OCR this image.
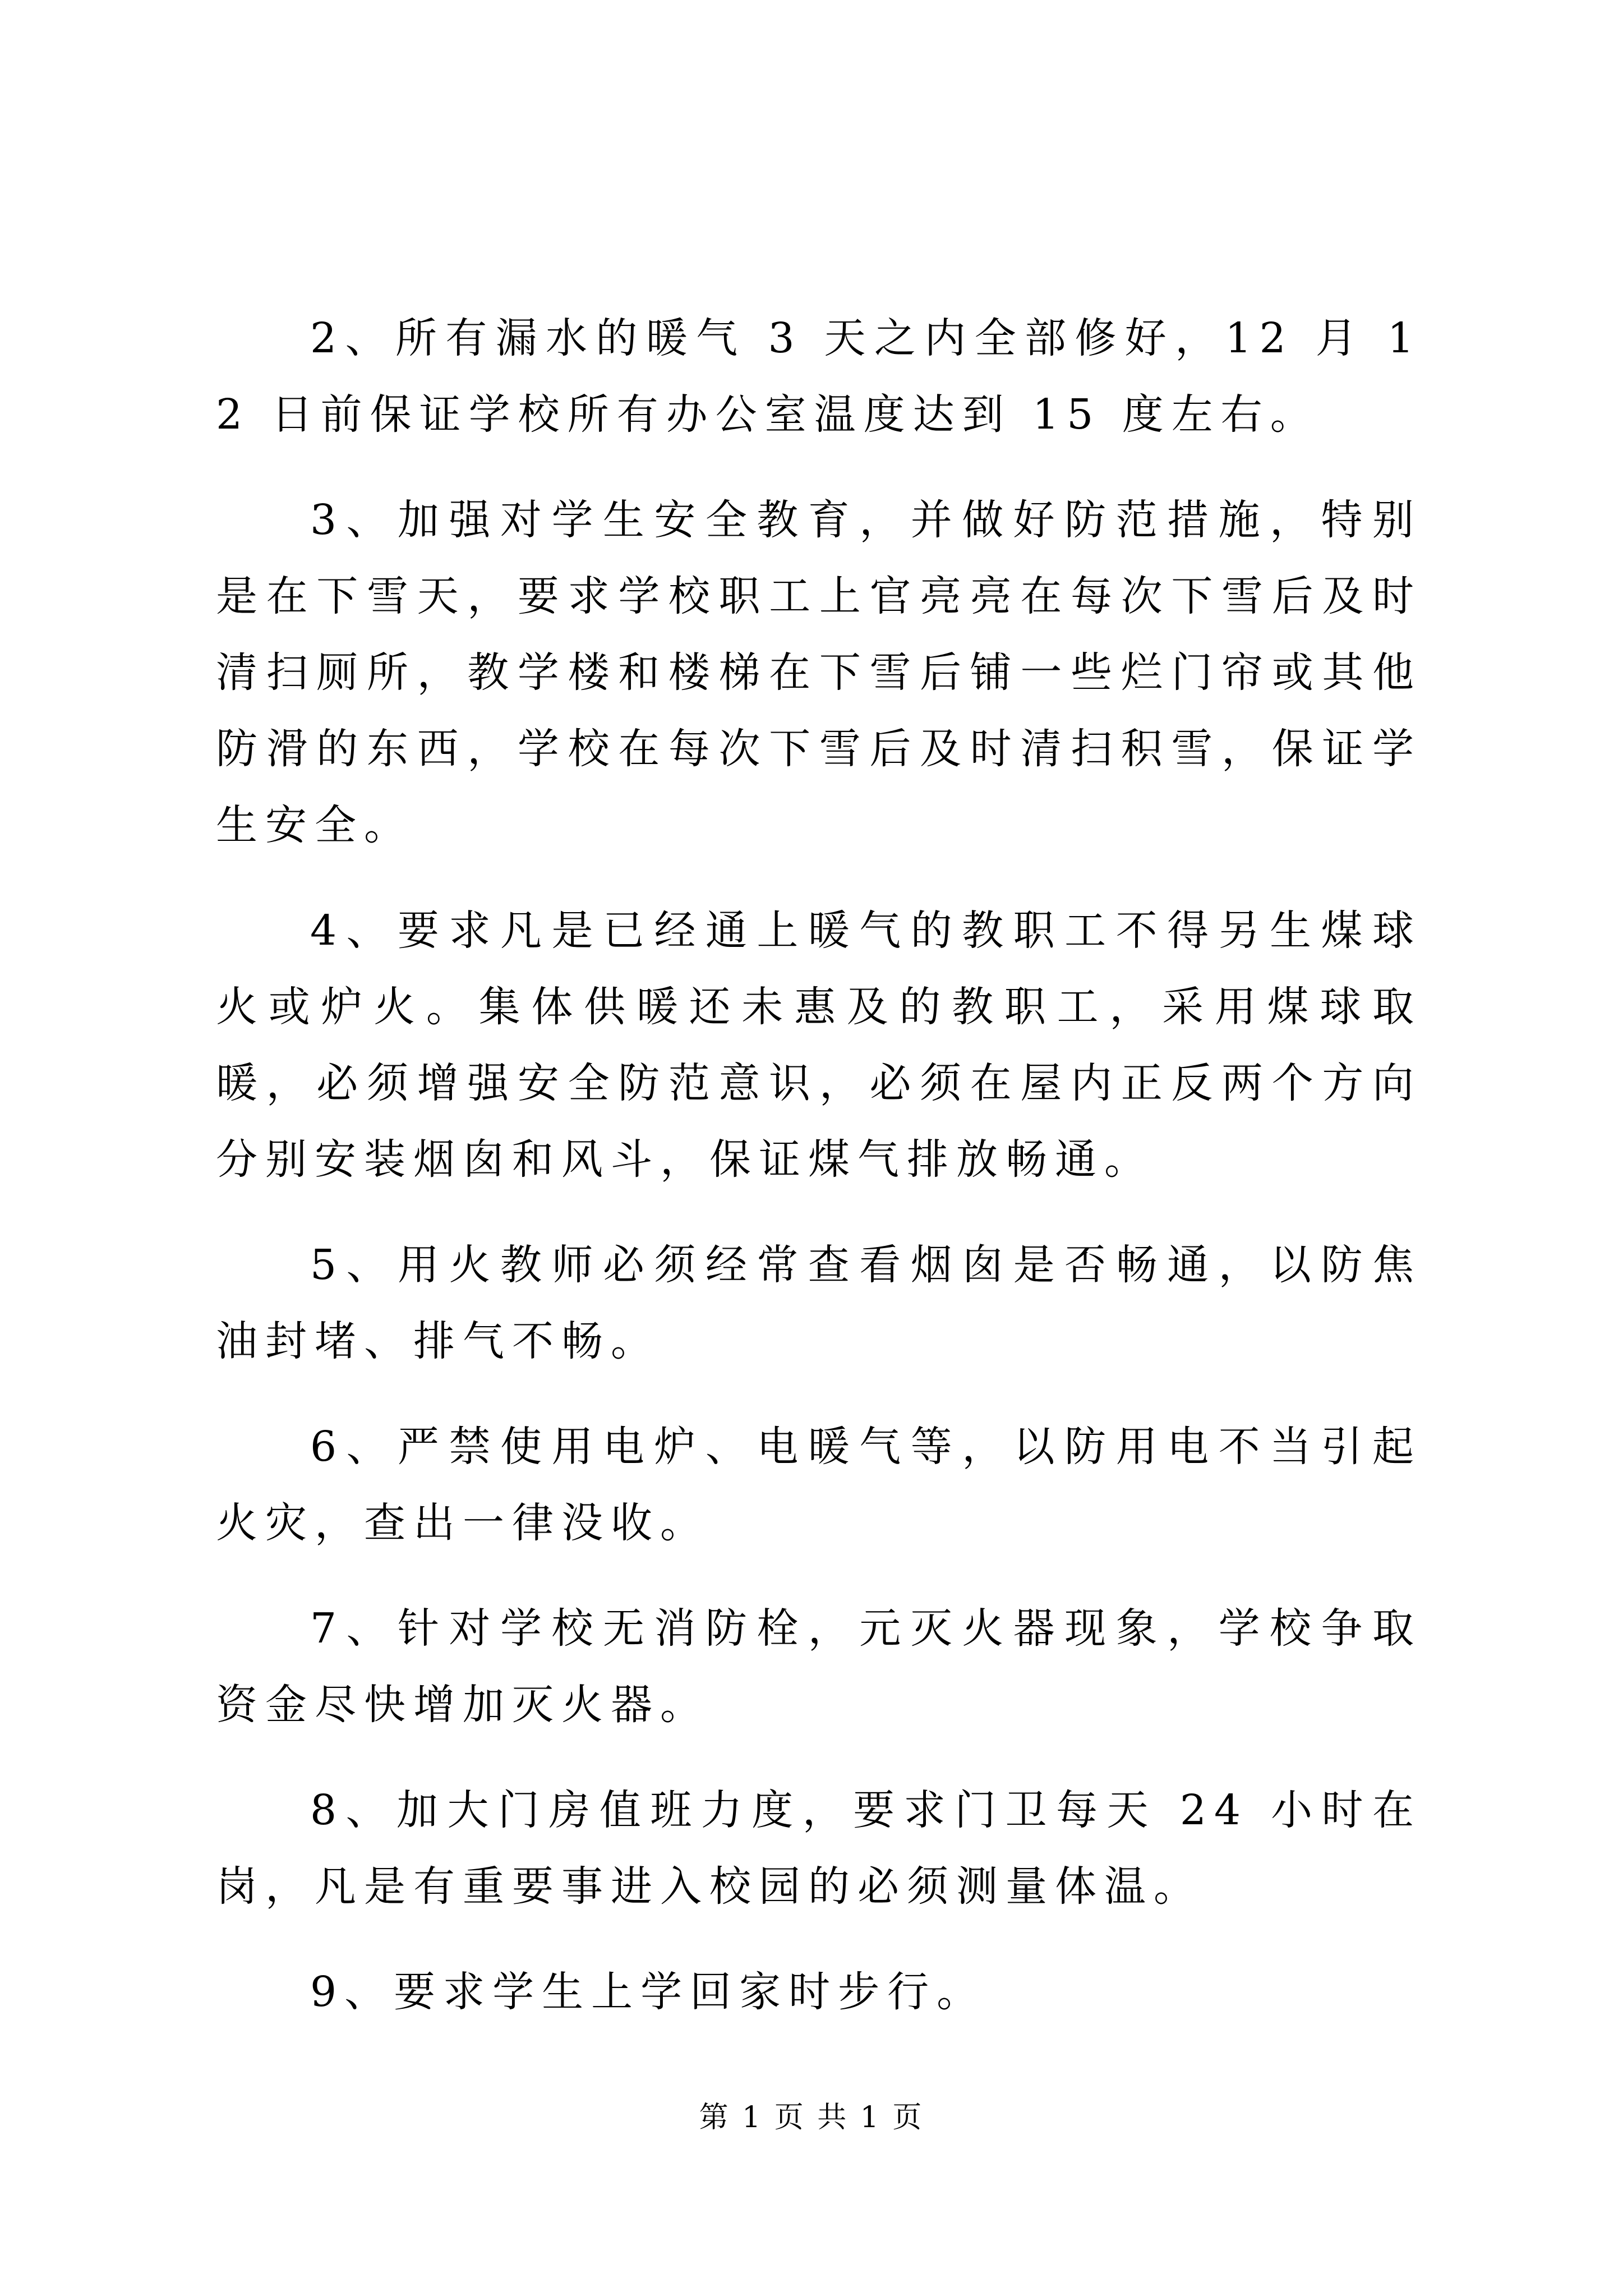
2、所有漏水的暖气 3 天之内全部修好，12 月 12 日前保证学校所有办公室温度达到 15 度左右。

3、加强对学生安全教育，并做好防范措施，特别是在下雪天，要求学校职工上官亮亮在每次下雪后及时清扫厕所，教学楼和楼梯在下雪后铺一些烂门帘或其他防滑的东西，学校在每次下雪后及时清扫积雪，保证学生安全。

4、要求凡是已经通上暖气的教职工不得另生煤球火或炉火。集体供暖还未惠及的教职工，采用煤球取暖，必须增强安全防范意识，必须在屋内正反两个方向分别安装烟囱和风斗，保证煤气排放畅通。

5、用火教师必须经常查看烟囱是否畅通，以防焦油封堵、排气不畅。

6、严禁使用电炉、电暖气等，以防用电不当引起火灾，查出一律没收。

7、针对学校无消防栓，元灭火器现象，学校争取资金尽快增加灭火器。

8、加大门房值班力度，要求门卫每天 24 小时在岗，凡是有重要事进入校园的必须测量体温。

9、要求学生上学回家时步行。

第 1 页 共 1 页
